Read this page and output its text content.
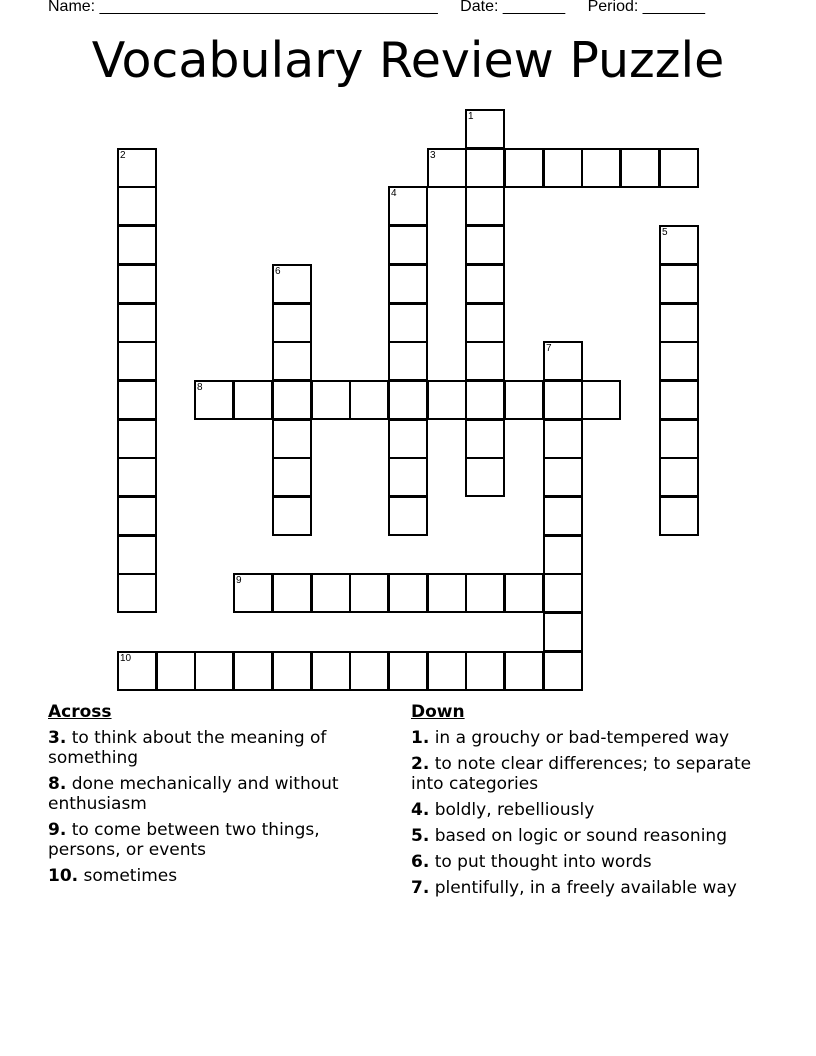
Name: ______________________________________ Date: _______ Period: _______
Vocabulary Review Puzzle
1
2	3
4
5
6
7
8
9
10
Across
3. to think about the meaning of something
8. done mechanically and without enthusiasm
9. to come between two things, persons, or events
10. sometimes
Down
1. in a grouchy or bad-tempered way
2. to note clear differences; to separate into categories
4. boldly, rebelliously
5. based on logic or sound reasoning
6. to put thought into words
7. plentifully, in a freely available way
